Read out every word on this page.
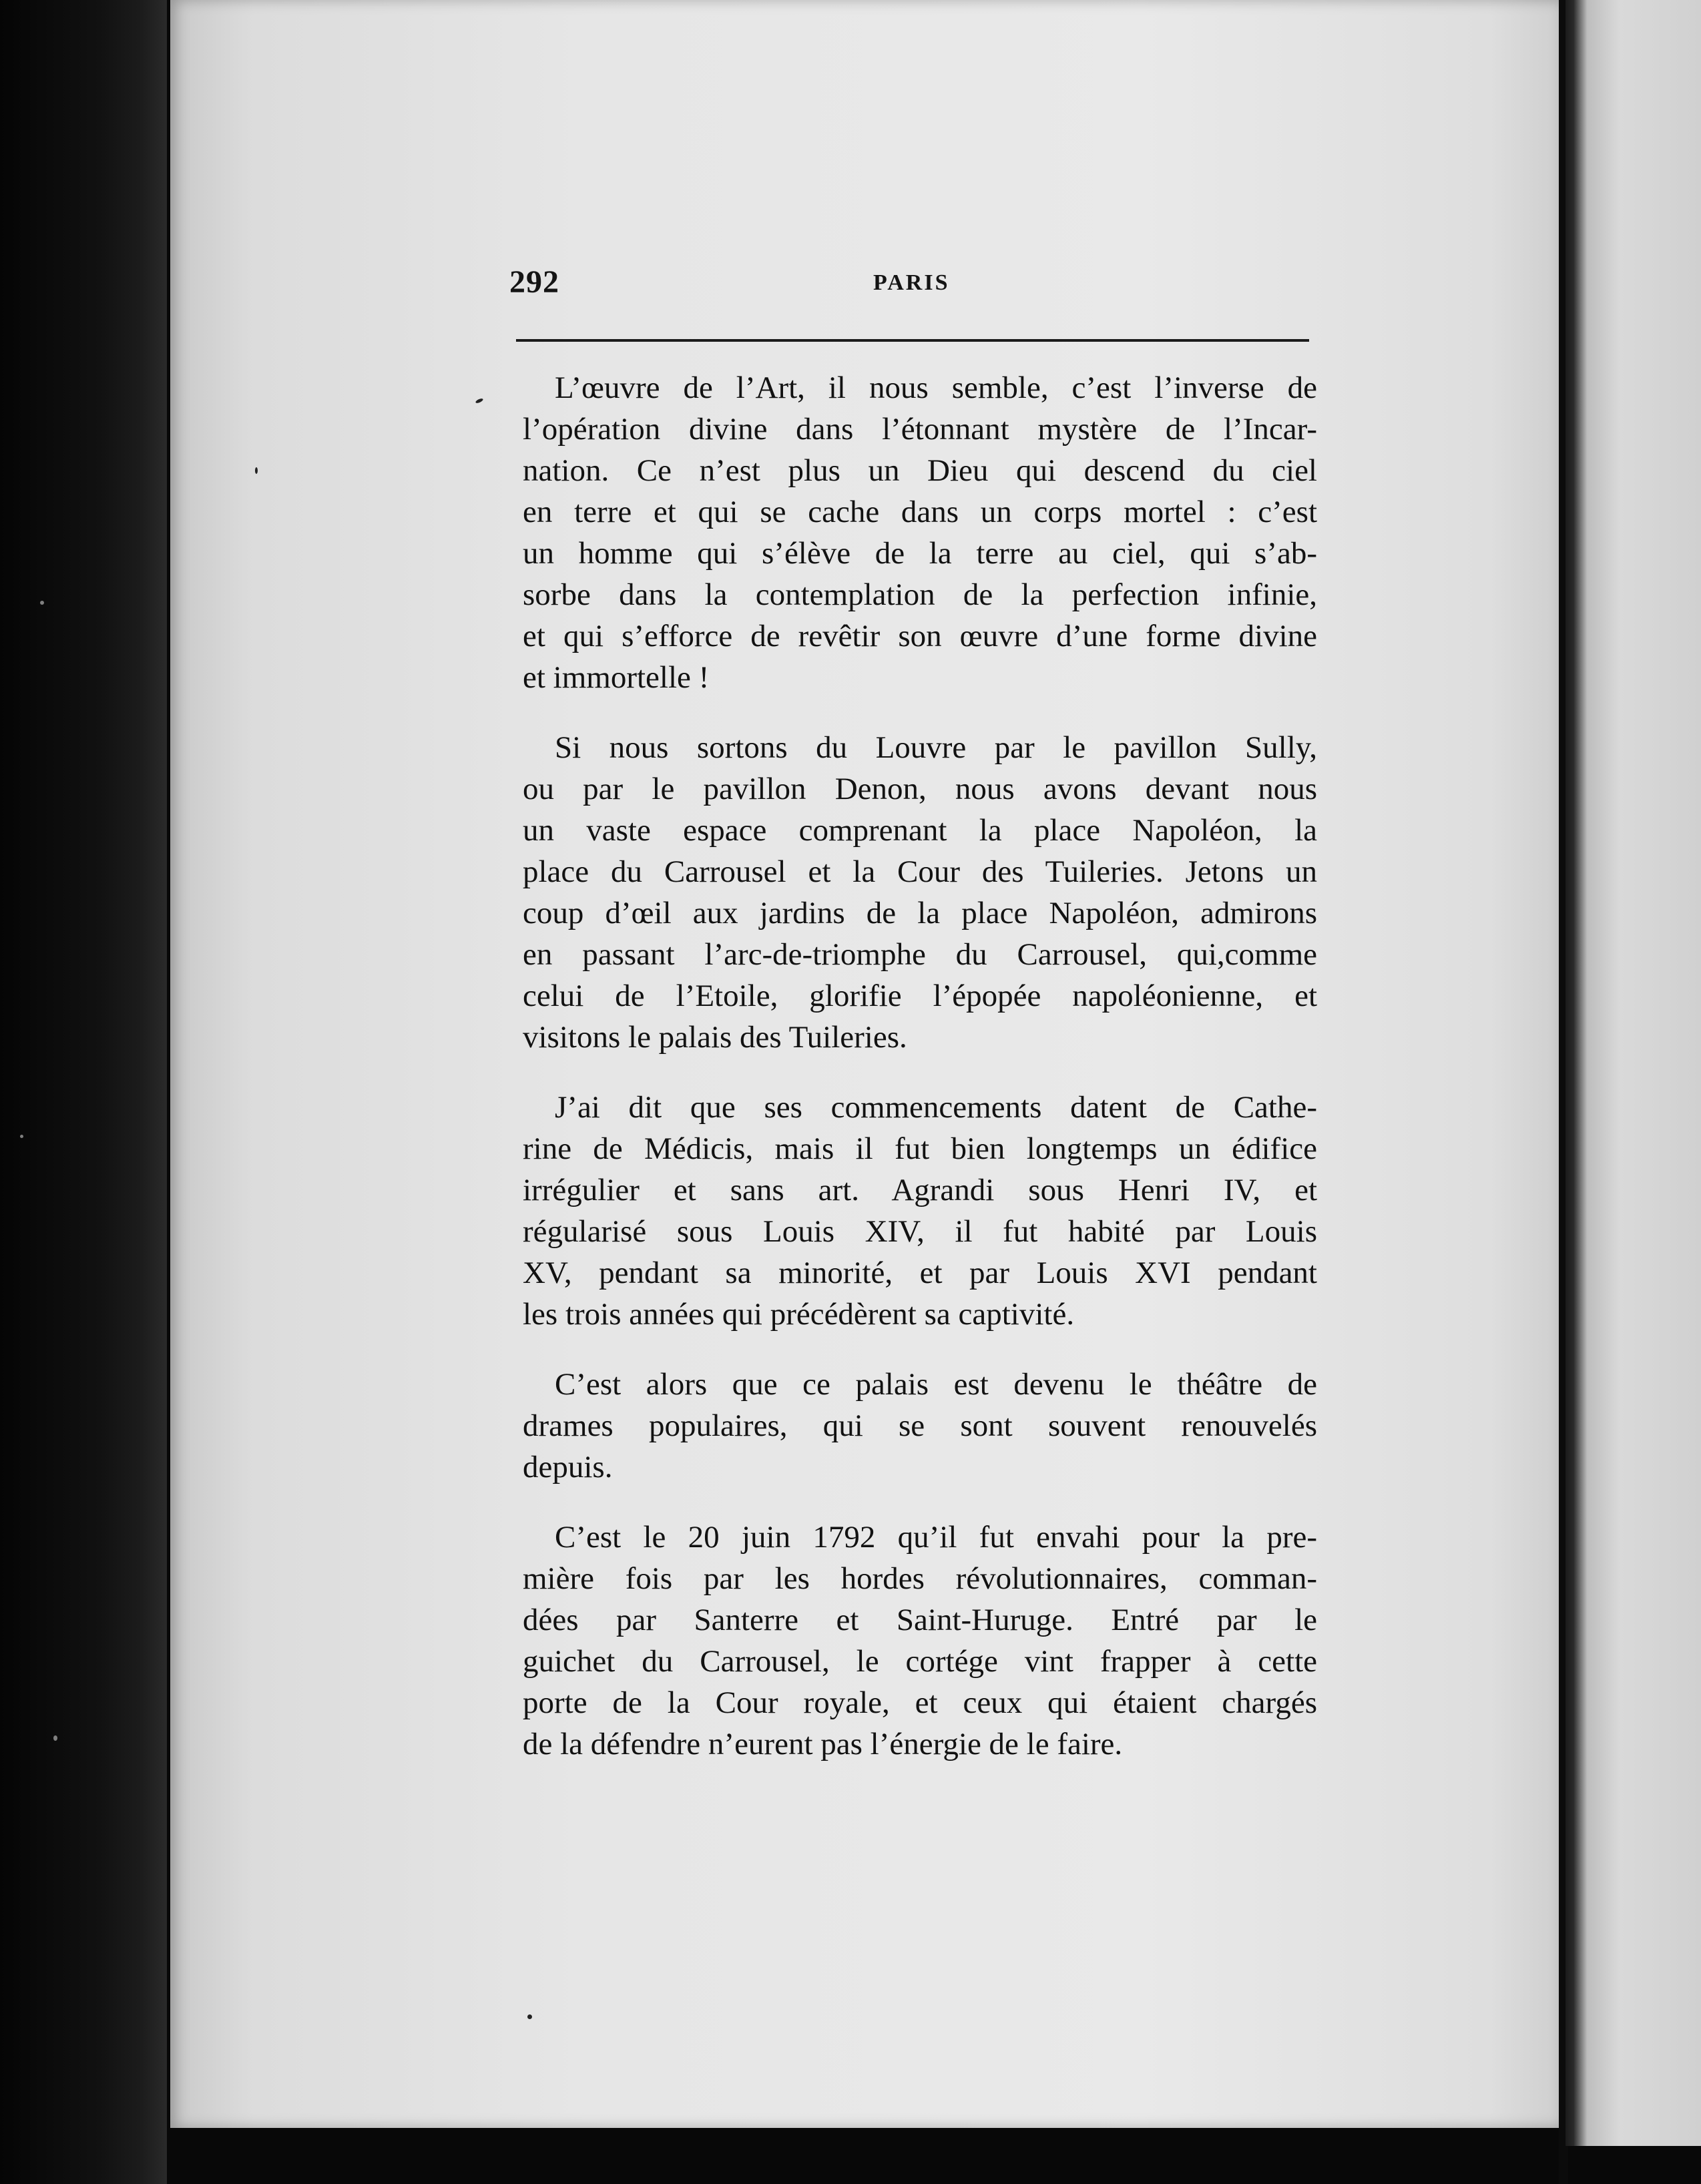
292	PARIS
L’œuvre de l’Art, il nous semble, c’est l’inverse de
l’opération divine dans l’étonnant mystère de l’Incar-
nation. Ce n’est plus un Dieu qui descend du ciel
en terre et qui se cache dans un corps mortel : c’est
un homme qui s’élève de la terre au ciel, qui s’ab-
sorbe dans la contemplation de la perfection infinie,
et qui s’efforce de revêtir son œuvre d’une forme divine
et immortelle !
Si nous sortons du Louvre par le pavillon Sully,
ou par le pavillon Denon, nous avons devant nous
un vaste espace comprenant la place Napoléon, la
place du Carrousel et la Cour des Tuileries. Jetons un
coup d’œil aux jardins de la place Napoléon, admirons
en passant l’arc-de-triomphe du Carrousel, qui,comme
celui de l’Etoile, glorifie l’épopée napoléonienne, et
visitons le palais des Tuileries.
J’ai dit que ses commencements datent de Cathe-
rine de Médicis, mais il fut bien longtemps un édifice
irrégulier et sans art. Agrandi sous Henri IV, et
régularisé sous Louis XIV, il fut habité par Louis
XV, pendant sa minorité, et par Louis XVI pendant
les trois années qui précédèrent sa captivité.
C’est alors que ce palais est devenu le théâtre de
drames populaires, qui se sont souvent renouvelés
depuis.
C’est le 20 juin 1792 qu’il fut envahi pour la pre-
mière fois par les hordes révolutionnaires, comman-
dées par Santerre et Saint-Huruge. Entré par le
guichet du Carrousel, le cortége vint frapper à cette
porte de la Cour royale, et ceux qui étaient chargés
de la défendre n’eurent pas l’énergie de le faire.
